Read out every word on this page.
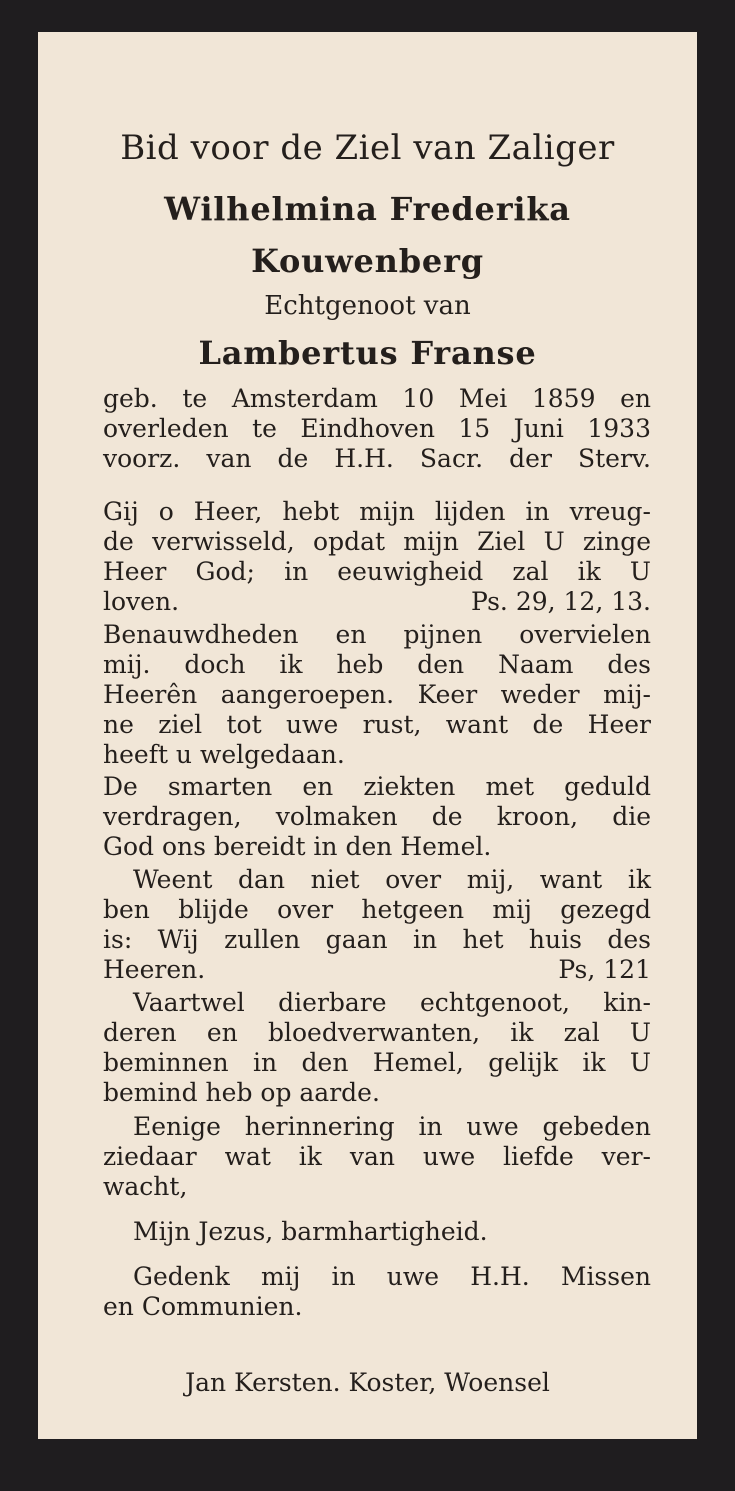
Bid voor de Ziel van Zaliger
Wilhelmina Frederika
Kouwenberg
Echtgenoot van
Lambertus Franse
geb. te Amsterdam 10 Mei 1859 en
overleden te Eindhoven 15 Juni 1933
voorz. van de H.H. Sacr. der Sterv.
Gij o Heer, hebt mijn lijden in vreug-
de verwisseld, opdat mijn Ziel U zinge
Heer God; in eeuwigheid zal ik U
loven.	Ps. 29, 12, 13.
Benauwdheden en pijnen overvielen
mij. doch ik heb den Naam des
Heerên aangeroepen. Keer weder mij-
ne ziel tot uwe rust, want de Heer
heeft u welgedaan.
De smarten en ziekten met geduld
verdragen, volmaken de kroon, die
God ons bereidt in den Hemel.
Weent dan niet over mij, want ik
ben blijde over hetgeen mij gezegd
is: Wij zullen gaan in het huis des
Heeren.	Ps, 121
Vaartwel dierbare echtgenoot, kin-
deren en bloedverwanten, ik zal U
beminnen in den Hemel, gelijk ik U
bemind heb op aarde.
Eenige herinnering in uwe gebeden
ziedaar wat ik van uwe liefde ver-
wacht,
Mijn Jezus, barmhartigheid.
Gedenk mij in uwe H.H. Missen
en Communien.
Jan Kersten. Koster, Woensel
